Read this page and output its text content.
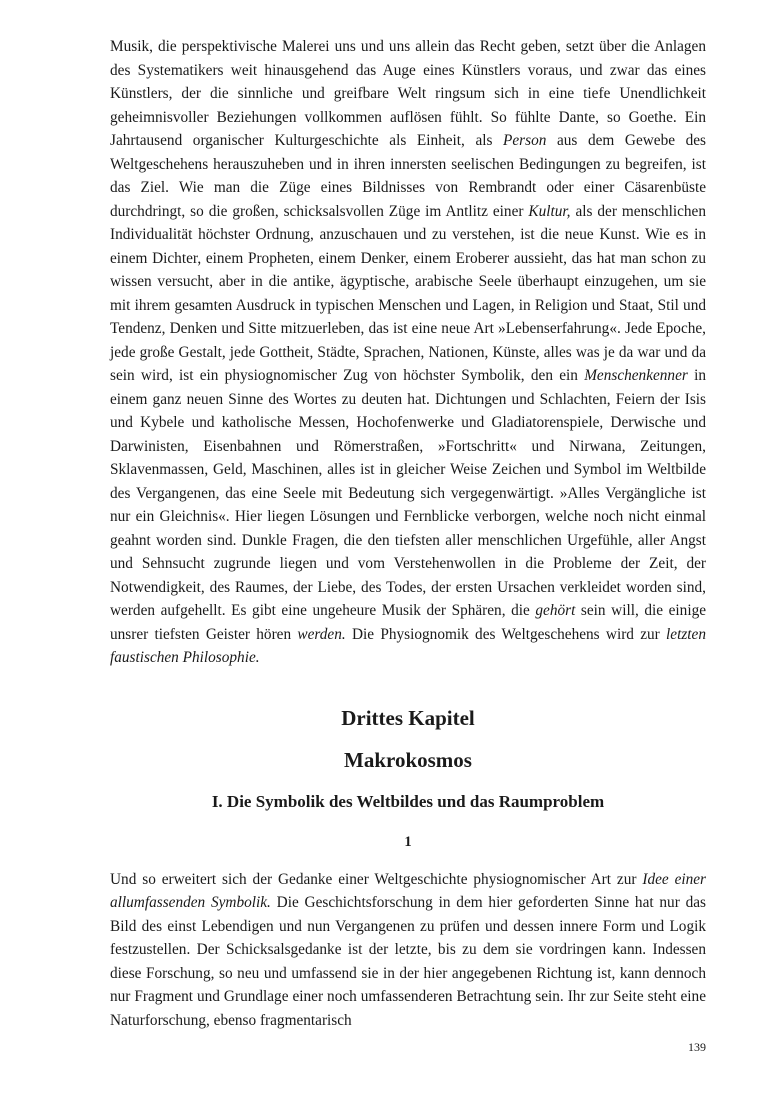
Musik, die perspektivische Malerei uns und uns allein das Recht geben, setzt über die Anlagen des Systematikers weit hinausgehend das Auge eines Künstlers voraus, und zwar das eines Künstlers, der die sinnliche und greifbare Welt ringsum sich in eine tiefe Unendlichkeit geheimnisvoller Beziehungen vollkommen auflösen fühlt. So fühlte Dante, so Goethe. Ein Jahrtausend organischer Kulturgeschichte als Einheit, als Person aus dem Gewebe des Weltgeschehens herauszuheben und in ihren innersten seelischen Bedingungen zu begreifen, ist das Ziel. Wie man die Züge eines Bildnisses von Rembrandt oder einer Cäsarenbüste durchdringt, so die großen, schicksalsvollen Züge im Antlitz einer Kultur, als der menschlichen Individualität höchster Ordnung, anzuschauen und zu verstehen, ist die neue Kunst. Wie es in einem Dichter, einem Propheten, einem Denker, einem Eroberer aussieht, das hat man schon zu wissen versucht, aber in die antike, ägyptische, arabische Seele überhaupt einzugehen, um sie mit ihrem gesamten Ausdruck in typischen Menschen und Lagen, in Religion und Staat, Stil und Tendenz, Denken und Sitte mitzuerleben, das ist eine neue Art »Lebenserfahrung«. Jede Epoche, jede große Gestalt, jede Gottheit, Städte, Sprachen, Nationen, Künste, alles was je da war und da sein wird, ist ein physiognomischer Zug von höchster Symbolik, den ein Menschenkenner in einem ganz neuen Sinne des Wortes zu deuten hat. Dichtungen und Schlachten, Feiern der Isis und Kybele und katholische Messen, Hochofenwerke und Gladiatorenspiele, Derwische und Darwinisten, Eisenbahnen und Römerstraßen, »Fortschritt« und Nirwana, Zeitungen, Sklavenmassen, Geld, Maschinen, alles ist in gleicher Weise Zeichen und Symbol im Weltbilde des Vergangenen, das eine Seele mit Bedeutung sich vergegenwärtigt. »Alles Vergängliche ist nur ein Gleichnis«. Hier liegen Lösungen und Fernblicke verborgen, welche noch nicht einmal geahnt worden sind. Dunkle Fragen, die den tiefsten aller menschlichen Urgefühle, aller Angst und Sehnsucht zugrunde liegen und vom Verstehenwollen in die Probleme der Zeit, der Notwendigkeit, des Raumes, der Liebe, des Todes, der ersten Ursachen verkleidet worden sind, werden aufgehellt. Es gibt eine ungeheure Musik der Sphären, die gehört sein will, die einige unsrer tiefsten Geister hören werden. Die Physiognomik des Weltgeschehens wird zur letzten faustischen Philosophie.

Drittes Kapitel
Makrokosmos
I. Die Symbolik des Weltbildes und das Raumproblem
1

Und so erweitert sich der Gedanke einer Weltgeschichte physiognomischer Art zur Idee einer allumfassenden Symbolik. Die Geschichtsforschung in dem hier geforderten Sinne hat nur das Bild des einst Lebendigen und nun Vergangenen zu prüfen und dessen innere Form und Logik festzustellen. Der Schicksalsgedanke ist der letzte, bis zu dem sie vordringen kann. Indessen diese Forschung, so neu und umfassend sie in der hier angegebenen Richtung ist, kann dennoch nur Fragment und Grundlage einer noch umfassenderen Betrachtung sein. Ihr zur Seite steht eine Naturforschung, ebenso fragmentarisch

139
